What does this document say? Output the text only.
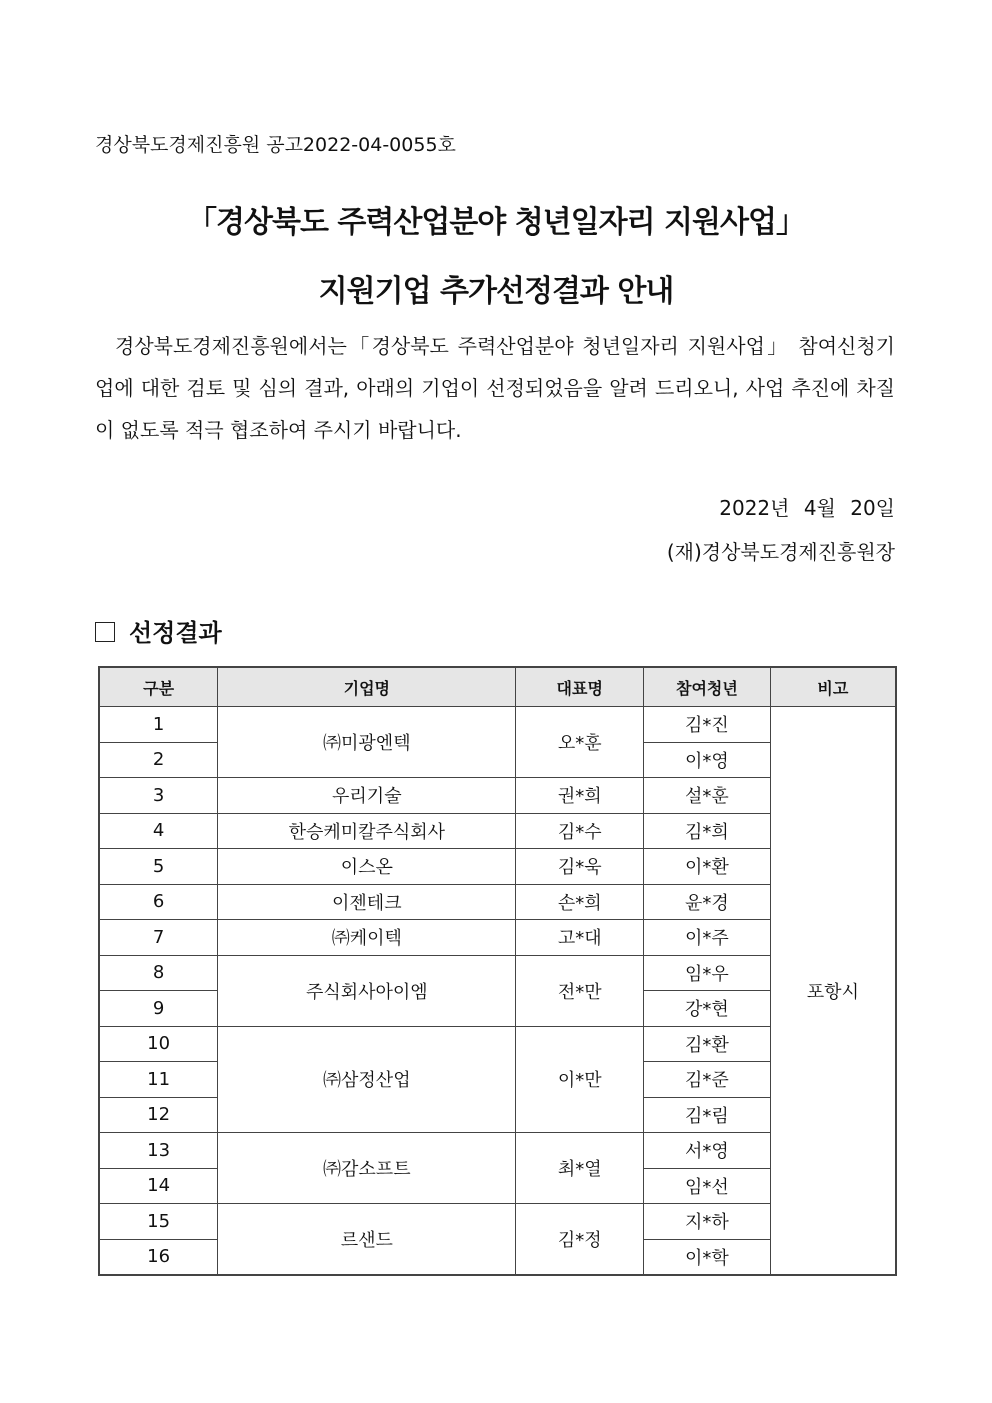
경상북도경제진흥원 공고2022-04-0055호
「경상북도 주력산업분야 청년일자리 지원사업」
지원기업 추가선정결과 안내

경상북도경제진흥원에서는「경상북도 주력산업분야 청년일자리 지원사업」 참여신청기업에 대한 검토 및 심의 결과, 아래의 기업이 선정되었음을 알려 드리오니, 사업 추진에 차질이 없도록 적극 협조하여 주시기 바랍니다.

2022년 4월 20일
(재)경상북도경제진흥원장
선정결과
구분	기업명	대표명	참여청년	비고
1	㈜미광엔텍	오*훈	김*진	포항시
2			이*영	
3	우리기술	권*희	설*훈	
4	한승케미칼주식회사	김*수	김*희	
5	이스온	김*욱	이*환	
6	이젠테크	손*희	윤*경	
7	㈜케이텍	고*대	이*주	
8	주식회사아이엠	전*만	임*우	
9			강*현	
10	㈜삼정산업	이*만	김*환	
11			김*준	
12			김*림	
13	㈜감소프트	최*열	서*영	
14			임*선	
15	르샌드	김*정	지*하	
16			이*학	
